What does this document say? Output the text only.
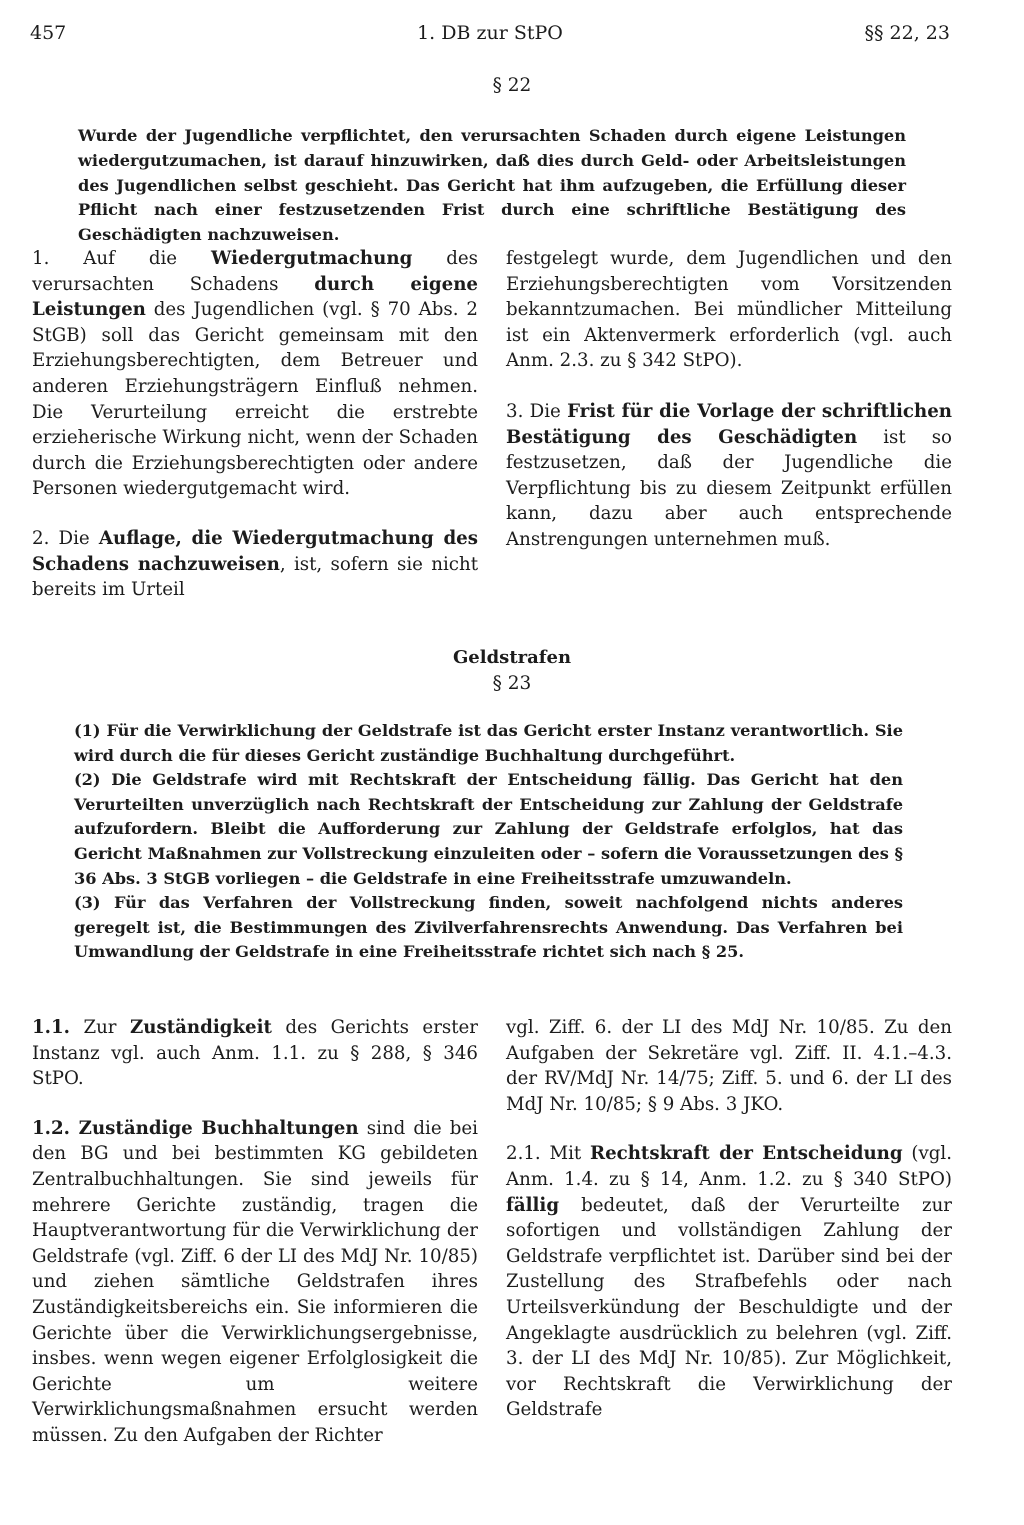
457	1. DB zur StPO	§§ 22, 23
§ 22
Wurde der Jugendliche verpflichtet, den verursachten Schaden durch eigene Leistungen wiedergutzumachen, ist darauf hinzuwirken, daß dies durch Geld- oder Arbeitsleistungen des Jugendlichen selbst geschieht. Das Gericht hat ihm aufzugeben, die Erfüllung dieser Pflicht nach einer festzusetzenden Frist durch eine schriftliche Bestätigung des Geschädigten nachzuweisen.

1. Auf die Wiedergutmachung des verursachten Schadens durch eigene Leistungen des Jugendlichen (vgl. § 70 Abs. 2 StGB) soll das Gericht gemeinsam mit den Erziehungsberechtigten, dem Betreuer und anderen Erziehungsträgern Einfluß nehmen. Die Verurteilung erreicht die erstrebte erzieherische Wirkung nicht, wenn der Schaden durch die Erziehungsberechtigten oder andere Personen wiedergutgemacht wird.

2. Die Auflage, die Wiedergutmachung des Schadens nachzuweisen, ist, sofern sie nicht bereits im Urteil

festgelegt wurde, dem Jugendlichen und den Erziehungsberechtigten vom Vorsitzenden bekanntzumachen. Bei mündlicher Mitteilung ist ein Aktenvermerk erforderlich (vgl. auch Anm. 2.3. zu § 342 StPO).

3. Die Frist für die Vorlage der schriftlichen Bestätigung des Geschädigten ist so festzusetzen, daß der Jugendliche die Verpflichtung bis zu diesem Zeitpunkt erfüllen kann, dazu aber auch entsprechende Anstrengungen unternehmen muß.

Geldstrafen
§ 23

(1) Für die Verwirklichung der Geldstrafe ist das Gericht erster Instanz verantwortlich. Sie wird durch die für dieses Gericht zuständige Buchhaltung durchgeführt.

(2) Die Geldstrafe wird mit Rechtskraft der Entscheidung fällig. Das Gericht hat den Verurteilten unverzüglich nach Rechtskraft der Entscheidung zur Zahlung der Geldstrafe aufzufordern. Bleibt die Aufforderung zur Zahlung der Geldstrafe erfolglos, hat das Gericht Maßnahmen zur Vollstreckung einzuleiten oder – sofern die Voraussetzungen des § 36 Abs. 3 StGB vorliegen – die Geldstrafe in eine Freiheitsstrafe umzuwandeln.

(3) Für das Verfahren der Vollstreckung finden, soweit nachfolgend nichts anderes geregelt ist, die Bestimmungen des Zivilverfahrensrechts Anwendung. Das Verfahren bei Umwandlung der Geldstrafe in eine Freiheitsstrafe richtet sich nach § 25.

1.1. Zur Zuständigkeit des Gerichts erster Instanz vgl. auch Anm. 1.1. zu § 288, § 346 StPO.

1.2. Zuständige Buchhaltungen sind die bei den BG und bei bestimmten KG gebildeten Zentralbuchhaltungen. Sie sind jeweils für mehrere Gerichte zuständig, tragen die Hauptverantwortung für die Verwirklichung der Geldstrafe (vgl. Ziff. 6 der LI des MdJ Nr. 10/85) und ziehen sämtliche Geldstrafen ihres Zuständigkeitsbereichs ein. Sie informieren die Gerichte über die Verwirklichungsergebnisse, insbes. wenn wegen eigener Erfolglosigkeit die Gerichte um weitere Verwirklichungsmaßnahmen ersucht werden müssen. Zu den Aufgaben der Richter

vgl. Ziff. 6. der LI des MdJ Nr. 10/85. Zu den Aufgaben der Sekretäre vgl. Ziff. II. 4.1.–4.3. der RV/MdJ Nr. 14/75; Ziff. 5. und 6. der LI des MdJ Nr. 10/85; § 9 Abs. 3 JKO.

2.1. Mit Rechtskraft der Entscheidung (vgl. Anm. 1.4. zu § 14, Anm. 1.2. zu § 340 StPO) fällig bedeutet, daß der Verurteilte zur sofortigen und vollständigen Zahlung der Geldstrafe verpflichtet ist. Darüber sind bei der Zustellung des Strafbefehls oder nach Urteilsverkündung der Beschuldigte und der Angeklagte ausdrücklich zu belehren (vgl. Ziff. 3. der LI des MdJ Nr. 10/85). Zur Möglichkeit, vor Rechtskraft die Verwirklichung der Geldstrafe
